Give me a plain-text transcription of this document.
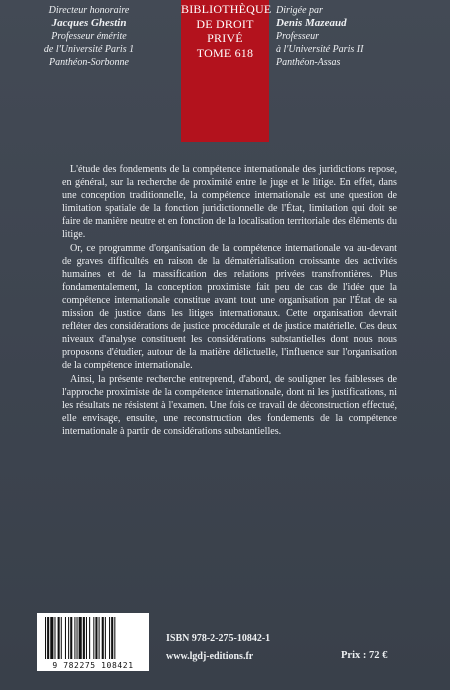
Directeur honoraire
Jacques Ghestin
Professeur émérite
de l'Université Paris 1
Panthéon-Sorbonne
BIBLIOTHÈQUE
DE DROIT
PRIVÉ
TOME 618
Dirigée par
Denis Mazeaud
Professeur
à l'Université Paris II
Panthéon-Assas

L'étude des fondements de la compétence internationale des juridictions repose, en général, sur la recherche de proximité entre le juge et le litige. En effet, dans une conception traditionnelle, la compétence internationale est une question de limitation spatiale de la fonction juridictionnelle de l'État, limitation qui doit se faire de manière neutre et en fonction de la localisation territoriale des éléments du litige.

Or, ce programme d'organisation de la compétence internationale va au-devant de graves difficultés en raison de la dématérialisation croissante des activités humaines et de la massification des relations privées transfrontières. Plus fondamentalement, la conception proximiste fait peu de cas de l'idée que la compétence internationale constitue avant tout une organisation par l'État de sa mission de justice dans les litiges internationaux. Cette organisation devrait refléter des considérations de justice procédurale et de justice matérielle. Ces deux niveaux d'analyse constituent les considérations substantielles dont nous nous proposons d'étudier, autour de la matière délictuelle, l'influence sur l'organisation de la compétence internationale.

Ainsi, la présente recherche entreprend, d'abord, de souligner les faiblesses de l'approche proximiste de la compétence internationale, dont ni les justifications, ni les résultats ne résistent à l'examen. Une fois ce travail de déconstruction effectué, elle envisage, ensuite, une reconstruction des fondements de la compétence internationale à partir de considérations substantielles.

9 782275 108421
ISBN 978-2-275-10842-1
www.lgdj-editions.fr	Prix : 72 €
